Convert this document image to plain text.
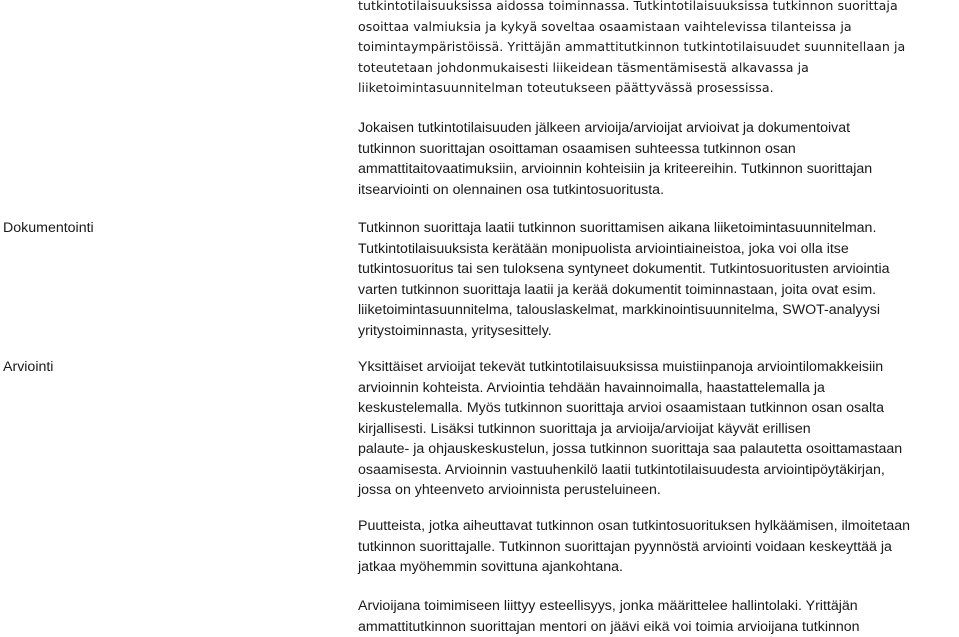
tutkintotilaisuuksissa aidossa toiminnassa. Tutkintotilaisuuksissa tutkinnon suorittaja
osoittaa valmiuksia ja kykyä soveltaa osaamistaan vaihtelevissa tilanteissa ja
toimintaympäristöissä. Yrittäjän ammattitutkinnon tutkintotilaisuudet suunnitellaan ja
toteutetaan johdonmukaisesti liikeidean täsmentämisestä alkavassa ja
liiketoimintasuunnitelman toteutukseen päättyvässä prosessissa.
Jokaisen tutkintotilaisuuden jälkeen arvioija/arvioijat arvioivat ja dokumentoivat
tutkinnon suorittajan osoittaman osaamisen suhteessa tutkinnon osan
ammattitaitovaatimuksiin, arvioinnin kohteisiin ja kriteereihin. Tutkinnon suorittajan
itsearviointi on olennainen osa tutkintosuoritusta.
Dokumentointi	Tutkinnon suorittaja laatii tutkinnon suorittamisen aikana liiketoimintasuunnitelman.
Tutkintotilaisuuksista kerätään monipuolista arviointiaineistoa, joka voi olla itse
tutkintosuoritus tai sen tuloksena syntyneet dokumentit. Tutkintosuoritusten arviointia
varten tutkinnon suorittaja laatii ja kerää dokumentit toiminnastaan, joita ovat esim.
liiketoimintasuunnitelma, talouslaskelmat, markkinointisuunnitelma, SWOT-analyysi
yritystoiminnasta, yritysesittely.
Arviointi	Yksittäiset arvioijat tekevät tutkintotilaisuuksissa muistiinpanoja arviointilomakkeisiin
arvioinnin kohteista. Arviointia tehdään havainnoimalla, haastattelemalla ja
keskustelemalla. Myös tutkinnon suorittaja arvioi osaamistaan tutkinnon osan osalta
kirjallisesti. Lisäksi tutkinnon suorittaja ja arvioija/arvioijat käyvät erillisen
palaute- ja ohjauskeskustelun, jossa tutkinnon suorittaja saa palautetta osoittamastaan
osaamisesta. Arvioinnin vastuuhenkilö laatii tutkintotilaisuudesta arviointipöytäkirjan,
jossa on yhteenveto arvioinnista perusteluineen.
Puutteista, jotka aiheuttavat tutkinnon osan tutkintosuorituksen hylkäämisen, ilmoitetaan
tutkinnon suorittajalle. Tutkinnon suorittajan pyynnöstä arviointi voidaan keskeyttää ja
jatkaa myöhemmin sovittuna ajankohtana.
Arvioijana toimimiseen liittyy esteellisyys, jonka määrittelee hallintolaki. Yrittäjän
ammattitutkinnon suorittajan mentori on jäävi eikä voi toimia arvioijana tutkinnon
